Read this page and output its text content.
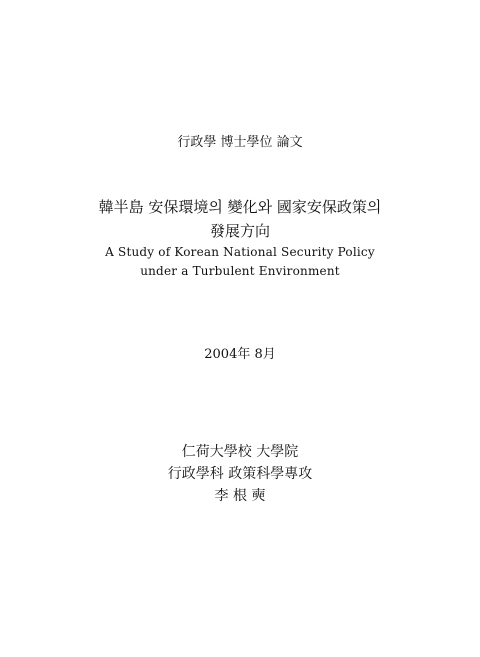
行政學 博士學位 論文
韓半島 安保環境의 變化와 國家安保政策의
發展方向
A Study of Korean National Security Policy
under a Turbulent Environment
2004年 8月
仁荷大學校 大學院
行政學科 政策科學專攻
李 根 奭
